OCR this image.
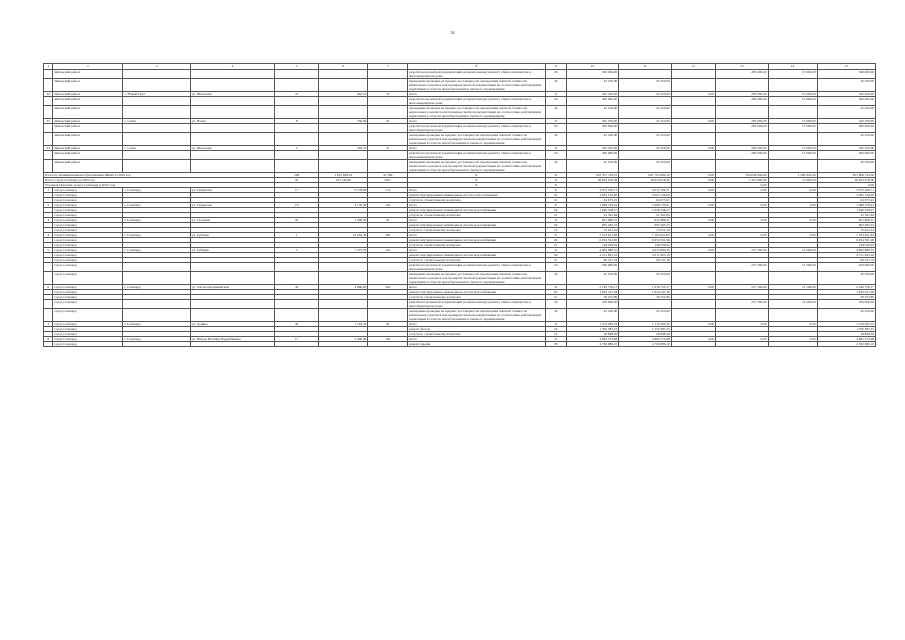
34
1	2	3	4	5	6	7	8	9	10	11	12	13	14	15
	Ямальский район						разработка проектной документации на капитальному ремонту общего имущества в многоквартирном доме	20	300 000,00			285 000,00	15 000,00	300 000,00
	Ямальский район						проведение проверки на предмет достоверности определения сметной стоимости капитального ремонта или проверки сметной документации на соответствие действующим нормативам в области ценообразования в сметного нормирования	34	45 250,00	45 250,00				45 250,00
32	Ямальский район	с. Новый Порт	ул. Школьная	22	692,10	33	итого	X	345 250,00	45 250,00	0,00	285 000,00	15 000,00	345 250,00
	Ямальский район						разработка проектной документации на капитальному ремонту общего имущества в многоквартирном доме	20	300 000,00			285 000,00	15 000,00	300 000,00
	Ямальский район						проведение проверки на предмет достоверности определения сметной стоимости капитального ремонта или проверки сметной документации на соответствие действующим нормативам в области ценообразования в сметного нормирования	34	45 250,00	45 250,00				45 250,00
33	Ямальский район	с. Сеяха	ул. Новая	8	350,90	22	итого	X	345 250,00	45 250,00	0,00	285 000,00	15 000,00	345 250,00
	Ямальский район						разработка проектной документации на капитальному ремонту общего имущества в многоквартирном доме	20	300 000,00			285 000,00	15 000,00	300 000,00
	Ямальский район						проведение проверки на предмет достоверности определения сметной стоимости капитального ремонта или проверки сметной документации на соответствие действующим нормативам в области ценообразования в сметного нормирования	34	45 250,00	45 250,00				45 250,00
34	Ямальский район	с. Сеяха	ул. Школьная	2	304,70	37	итого	X	345 250,00	45 250,00	0,00	285 000,00	15 000,00	345 250,00
	Ямальский район						разработка проектной документации на капитальному ремонту общего имущества в многоквартирном доме	20	300 000,00			285 000,00	15 000,00	300 000,00
	Ямальский район						проведение проверки на предмет достоверности определения сметной стоимости капитального ремонта или проверки сметной документации на соответствие действующим нормативам в области ценообразования в сметного нормирования	34	45 250,00	45 250,00				45 250,00
Итого по муниципальным образованиям ЯНАО за 2025 год				269	1 051 838,01	41 586	X	X	952 357 729,01	601 793 890,16	0,00	330 058 000,00	1 589 841,09	953 808 724,56
Итого: город Салехард за 2025 год				20	167 340,00	2657	X	X	38 633 070,39	38 653 078,50	0,00	1 425 000,00	75 000,00	38 653 078,50
Условная Перечень (город Салехард) в 2025 году							X	X				0,00		0,00
1	город Салехард	г. Салехард	ул. Гаврилова	17	6 178,00	174	итого	X	3 072 169,71	3 072 169,71	0,00	0,00	0,00	3 072 169,71
	город Салехард						ремонт внутридомовых инженерных систем теплоснабжения	01	3 005 126,90	3 005 126,90				3 005 126,90
	город Салехард						услуги по строительному контролю	21	64 673,91	64 673,91				64 673,91
2	город Салехард	г. Салехард	ул. Гаврилова	17а	4 176,50	124	итого	X	1 668 729,91	1 668 729,91	0,00	0,00	0,00	1 668 729,91
	город Салехард						ремонт внутридомовых инженерных систем водоснабжения	04	1 646 338,27	1 646 338,27				1 646 338,27
	город Салехард						услуги по строительному контролю	21	22 391,64	22 391,64				22 391,64
3	город Салехард	г. Салехард	ул. Гагарина	20	1 368,30	52	итого	X	621 886,57	621 886,57	0,00	0,00	0,00	621 886,57
	город Салехард						ремонт внутридомовых инженерных систем водоснабжения	04	605 465,33	605 465,33				605 465,33
	город Салехард						услуги по строительному контролю	21	15 021,24	15 021,24				15 021,24
4	город Салехард	г. Салехард	ул. Губкина	1	10 044,30	283	итого	X	7 103 621,82	7 103 621,82	0,00	0,00	0,00	7 103 621,82
	город Салехард						ремонт внутридомовых инженерных систем водоснабжения	04	6 954 591,90	6 954 591,90				6 954 591,90
	город Салехард						услуги по строительному контролю	21	148 039,92	148 039,92				148 039,92
5	город Салехард	г. Салехард	ул. Губкина	3	7 797,50	191	итого	X	4 962 880,35	4 612 880,35	0,00	237 500,00	12 500,00	4 962 880,35
	город Салехард						ремонт внутридомовых инженерных систем водоснабжения	04	4 511 093,16	4 511 093,16				4 511 093,16
	город Салехард						услуги по строительному контролю	21	96 537,19	96 537,19				96 537,19
	город Салехард						разработка проектной документации на капитальному ремонту общего имущества в многоквартирном доме	20	250 000,00			237 500,00	12 500,00	250 000,00
	город Салехард						проведение проверки на предмет достоверности определения сметной стоимости капитального ремонта или проверки сметной документации на соответствие действующим нормативам в области ценообразования в сметного нормирования	34	45 250,00	45 250,00				45 250,00
6	город Салехард	г. Салехард	ул. Зои Космодемьянской	45	4 960,00	204	итого	X	2 168 750,17	1 918 750,17	0,00	237 500,00	12 500,00	2 168 750,17
	город Салехард						ремонт внутридомовых инженерных систем водоснабжения	04	1 834 247,28	1 834 247,28				1 834 247,28
	город Салехард						услуги по строительному контролю	21	39 252,89	39 252,89				39 252,89
	город Салехард						разработка проектной документации на капитальному ремонту общего имущества в многоквартирном доме	20	250 000,00			237 500,00	12 500,00	250 000,00
	город Салехард						проведение проверки на предмет достоверности определения сметной стоимости капитального ремонта или проверки сметной документации на соответствие действующим нормативам в области ценообразования в сметного нормирования	34	45 250,00	45 250,00				45 250,00
7	город Салехард	г. Салехард	ул. Ленина	40	1 744,30	42	итого	X	1 379 285,52	1 379 285,52	0,00	0,00	0,00	1 379 285,52
	город Салехард						ремонт фасада	24	1 350 387,23	1 350 387,23				1 350 387,23
	город Салехард						услуги по строительному контролю	21	28 898,29	28 898,29				28 898,29
8	город Салехард	г. Салехард	ул. Нином Василия Подшибякина	17	3 396,90	103	итого	X	4 862 573,98	4 862 573,98	0,00	0,00	0,00	4 862 573,98
	город Салехард						ремонт крыши	08	4 760 686,10	4 760 686,10				4 760 686,10
